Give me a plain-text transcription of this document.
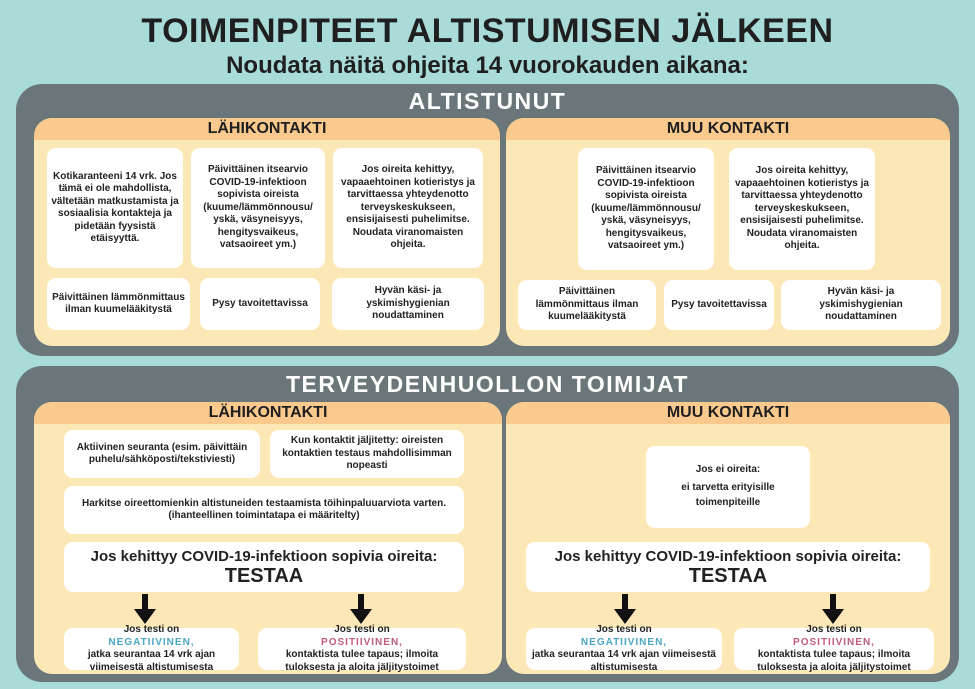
TOIMENPITEET ALTISTUMISEN JÄLKEEN
Noudata näitä ohjeita 14 vuorokauden aikana:
ALTISTUNUT
LÄHIKONTAKTI
Kotikaranteeni 14 vrk. Jos tämä ei ole mahdollista, vältetään matkustamista ja sosiaalisia kontakteja ja pidetään fyysistä etäisyyttä.
Päivittäinen itsearvio COVID-19-infektioon sopivista oireista (kuume/lämmönnousu/ yskä, väsyneisyys, hengitysvaikeus, vatsaoireet ym.)
Jos oireita kehittyy, vapaaehtoinen kotieristys ja tarvittaessa yhteydenotto terveyskeskukseen, ensisijaisesti puhelimitse. Noudata viranomaisten ohjeita.
Päivittäinen lämmönmittaus ilman kuumelääkitystä
Pysy tavoitettavissa
Hyvän käsi- ja yskimishygienian noudattaminen
MUU KONTAKTI
Päivittäinen itsearvio COVID-19-infektioon sopivista oireista (kuume/lämmönnousu/ yskä, väsyneisyys, hengitysvaikeus, vatsaoireet ym.)
Jos oireita kehittyy, vapaaehtoinen kotieristys ja tarvittaessa yhteydenotto terveyskeskukseen, ensisijaisesti puhelimitse. Noudata viranomaisten ohjeita.
Päivittäinen lämmönmittaus ilman kuumelääkitystä
Pysy tavoitettavissa
Hyvän käsi- ja yskimishygienian noudattaminen
TERVEYDENHUOLLON TOIMIJAT
LÄHIKONTAKTI
Aktiivinen seuranta (esim. päivittäin puhelu/sähköposti/tekstiviesti)
Kun kontaktit jäljitetty: oireisten kontaktien testaus mahdollisimman nopeasti
Harkitse oireettomienkin altistuneiden testaamista töihinpaluuarviota varten. (ihanteellinen toimintatapa ei määritelty)
Jos kehittyy COVID-19-infektioon sopivia oireita:
TESTAA
Jos testi on
NEGATIIVINEN,
jatka seurantaa 14 vrk ajan viimeisestä altistumisesta
Jos testi on
POSITIIVINEN,
kontaktista tulee tapaus; ilmoita tuloksesta ja aloita jäljitystoimet
MUU KONTAKTI
Jos ei oireita:
ei tarvetta erityisille toimenpiteille
Jos kehittyy COVID-19-infektioon sopivia oireita:
TESTAA
Jos testi on
NEGATIIVINEN,
jatka seurantaa 14 vrk ajan viimeisestä altistumisesta
Jos testi on
POSITIIVINEN,
kontaktista tulee tapaus; ilmoita tuloksesta ja aloita jäljitystoimet
